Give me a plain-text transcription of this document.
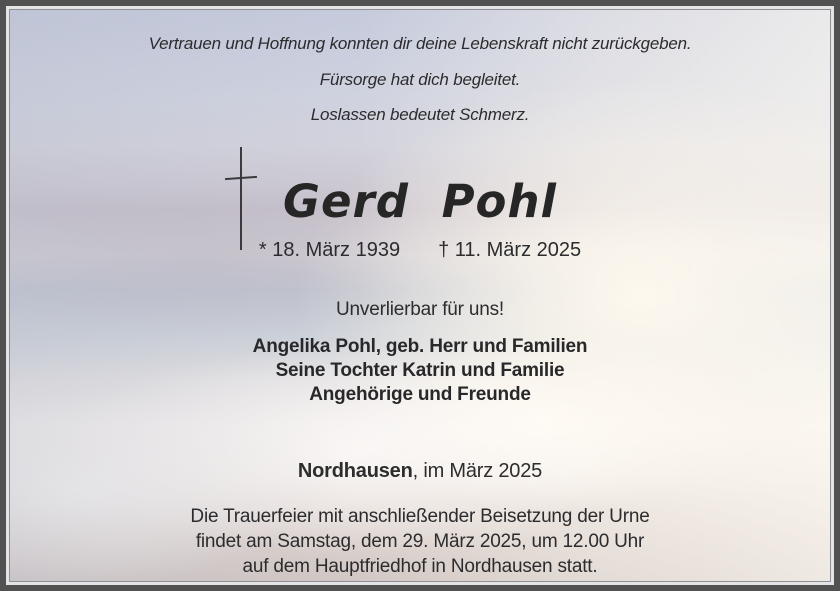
Vertrauen und Hoffnung konnten dir deine Lebenskraft nicht zurückgeben.
Fürsorge hat dich begleitet.
Loslassen bedeutet Schmerz.
Gerd Pohl
* 18. März 1939 † 11. März 2025
Unverlierbar für uns!
Angelika Pohl, geb. Herr und Familien
Seine Tochter Katrin und Familie
Angehörige und Freunde
Nordhausen, im März 2025
Die Trauerfeier mit anschließender Beisetzung der Urne
findet am Samstag, dem 29. März 2025, um 12.00 Uhr
auf dem Hauptfriedhof in Nordhausen statt.
